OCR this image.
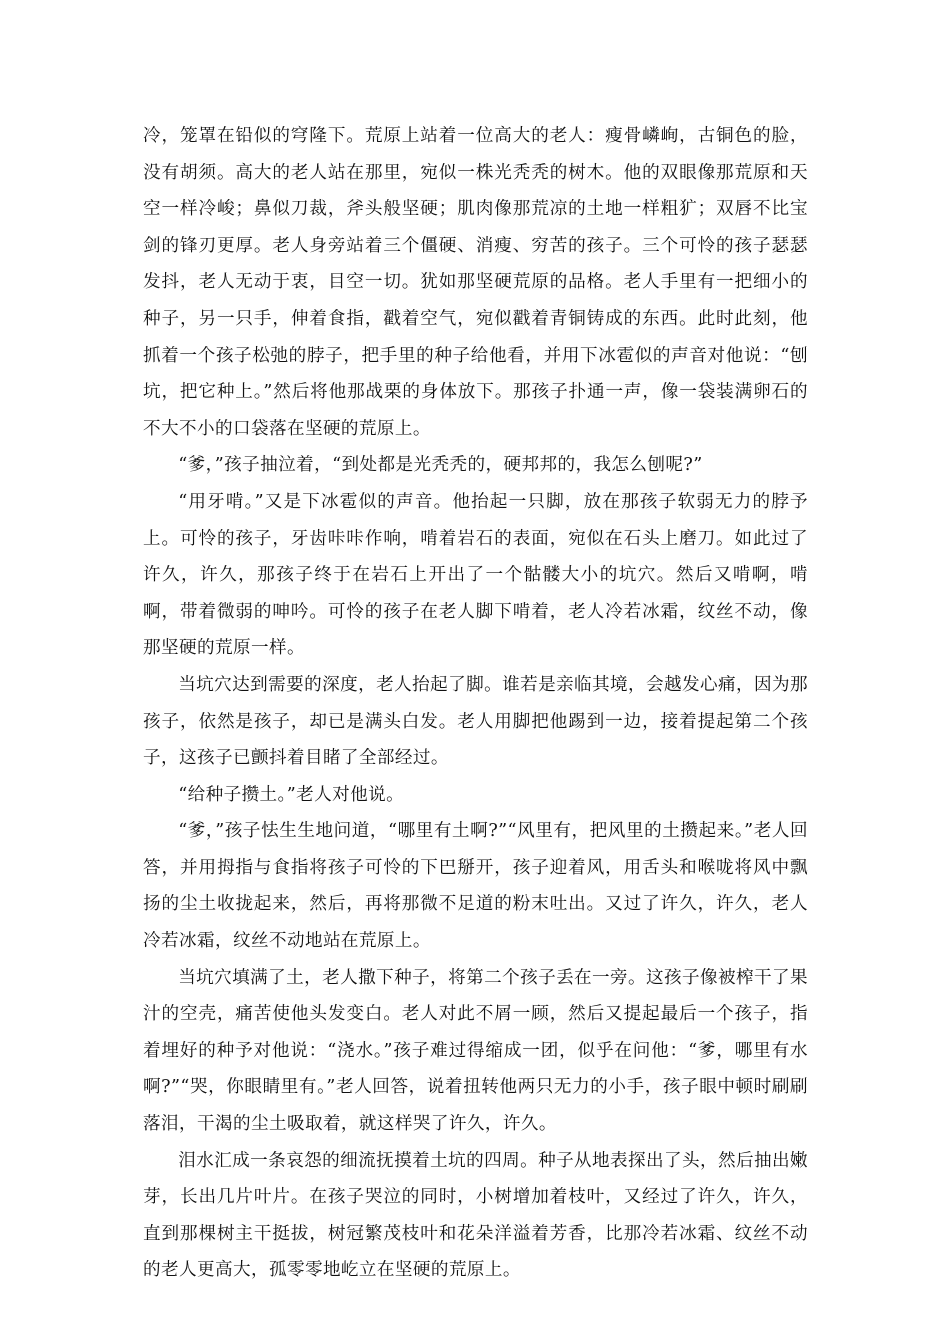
冷，笼罩在铅似的穹隆下。荒原上站着一位高大的老人：瘦骨嶙峋，古铜色的脸，没有胡须。高大的老人站在那里，宛似一株光秃秃的树木。他的双眼像那荒原和天空一样冷峻；鼻似刀裁，斧头般坚硬；肌肉像那荒凉的土地一样粗犷；双唇不比宝剑的锋刃更厚。老人身旁站着三个僵硬、消瘦、穷苦的孩子。三个可怜的孩子瑟瑟发抖，老人无动于衷，目空一切。犹如那坚硬荒原的品格。老人手里有一把细小的种子，另一只手，伸着食指，戳着空气，宛似戳着青铜铸成的东西。此时此刻，他抓着一个孩子松弛的脖子，把手里的种子给他看，并用下冰雹似的声音对他说：“刨坑，把它种上。”然后将他那战栗的身体放下。那孩子扑通一声，像一袋装满卵石的不大不小的口袋落在坚硬的荒原上。

“爹，”孩子抽泣着，“到处都是光秃秃的，硬邦邦的，我怎么刨呢?”

“用牙啃。”又是下冰雹似的声音。他抬起一只脚，放在那孩子软弱无力的脖予上。可怜的孩子，牙齿咔咔作响，啃着岩石的表面，宛似在石头上磨刀。如此过了许久，许久，那孩子终于在岩石上开出了一个骷髅大小的坑穴。然后又啃啊，啃啊，带着微弱的呻吟。可怜的孩子在老人脚下啃着，老人冷若冰霜，纹丝不动，像那坚硬的荒原一样。

当坑穴达到需要的深度，老人抬起了脚。谁若是亲临其境，会越发心痛，因为那孩子，依然是孩子，却已是满头白发。老人用脚把他踢到一边，接着提起第二个孩子，这孩子已颤抖着目睹了全部经过。

“给种子攒土。”老人对他说。

“爹，”孩子怯生生地问道，“哪里有土啊?”“风里有，把风里的土攒起来。”老人回答，并用拇指与食指将孩子可怜的下巴掰开，孩子迎着风，用舌头和喉咙将风中飘扬的尘土收拢起来，然后，再将那微不足道的粉末吐出。又过了许久，许久，老人冷若冰霜，纹丝不动地站在荒原上。

当坑穴填满了土，老人撒下种子，将第二个孩子丢在一旁。这孩子像被榨干了果汁的空壳，痛苦使他头发变白。老人对此不屑一顾，然后又提起最后一个孩子，指着埋好的种予对他说：“浇水。”孩子难过得缩成一团，似乎在问他：“爹，哪里有水啊?”“哭，你眼睛里有。”老人回答，说着扭转他两只无力的小手，孩子眼中顿时刷刷落泪，干渴的尘土吸取着，就这样哭了许久，许久。

泪水汇成一条哀怨的细流抚摸着土坑的四周。种子从地表探出了头，然后抽出嫩芽，长出几片叶片。在孩子哭泣的同时，小树增加着枝叶，又经过了许久，许久，直到那棵树主干挺拔，树冠繁茂枝叶和花朵洋溢着芳香，比那冷若冰霜、纹丝不动的老人更高大，孤零零地屹立在坚硬的荒原上。
